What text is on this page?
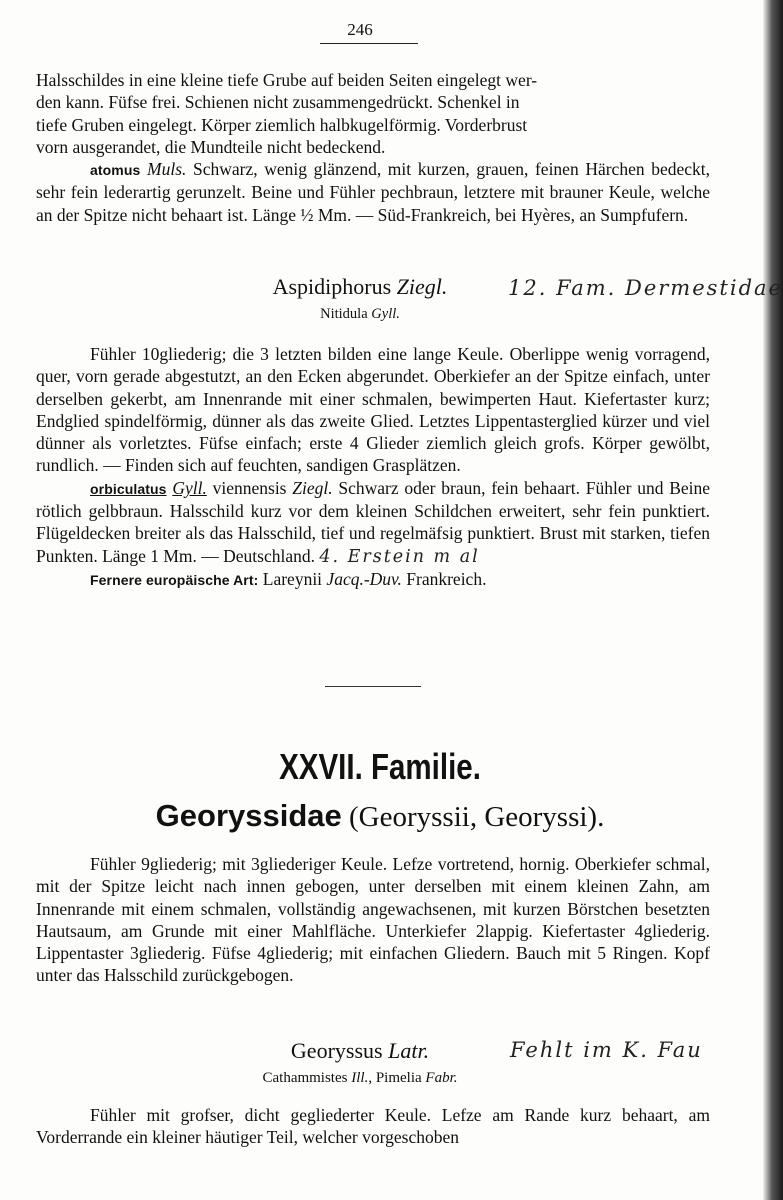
246

Halsschildes in eine kleine tiefe Grube auf beiden Seiten eingelegt wer-

den kann. Füfse frei. Schienen nicht zusammengedrückt. Schenkel in

tiefe Gruben eingelegt. Körper ziemlich halbkugelförmig. Vorderbrust

vorn ausgerandet, die Mundteile nicht bedeckend.

atomus Muls. Schwarz, wenig glänzend, mit kurzen, grauen, feinen Härchen bedeckt, sehr fein lederartig gerunzelt. Beine und Fühler pechbraun, letztere mit brauner Keule, welche an der Spitze nicht behaart ist. Länge ½ Mm. — Süd-Frankreich, bei Hyères, an Sumpfufern.

Aspidiphorus Ziegl.	12. Fam. Dermestidae
Nitidula Gyll.

Fühler 10gliederig; die 3 letzten bilden eine lange Keule. Oberlippe wenig vorragend, quer, vorn gerade abgestutzt, an den Ecken abgerundet. Oberkiefer an der Spitze einfach, unter derselben gekerbt, am Innenrande mit einer schmalen, bewimperten Haut. Kiefertaster kurz; Endglied spindelförmig, dünner als das zweite Glied. Letztes Lippentasterglied kürzer und viel dünner als vorletztes. Füfse einfach; erste 4 Glieder ziemlich gleich grofs. Körper gewölbt, rundlich. — Finden sich auf feuchten, sandigen Grasplätzen.

orbiculatus Gyll. viennensis Ziegl. Schwarz oder braun, fein behaart. Fühler und Beine rötlich gelbbraun. Halsschild kurz vor dem kleinen Schildchen erweitert, sehr fein punktiert. Flügeldecken breiter als das Halsschild, tief und regelmäfsig punktiert. Brust mit starken, tiefen Punkten. Länge 1 Mm. — Deutschland. 4. Erstein m al

Fernere europäische Art: Lareynii Jacq.-Duv. Frankreich.

XXVII. Familie.
Georyssidae (Georyssii, Georyssi).

Fühler 9gliederig; mit 3gliederiger Keule. Lefze vortretend, hornig. Oberkiefer schmal, mit der Spitze leicht nach innen gebogen, unter derselben mit einem kleinen Zahn, am Innenrande mit einem schmalen, vollständig angewachsenen, mit kurzen Börstchen besetzten Hautsaum, am Grunde mit einer Mahlfläche. Unterkiefer 2lappig. Kiefertaster 4gliederig. Lippentaster 3gliederig. Füfse 4gliederig; mit einfachen Gliedern. Bauch mit 5 Ringen. Kopf unter das Halsschild zurückgebogen.

Georyssus Latr.	Fehlt im K. Fau
Cathammistes Ill., Pimelia Fabr.

Fühler mit grofser, dicht gegliederter Keule. Lefze am Rande kurz behaart, am Vorderrande ein kleiner häutiger Teil, welcher vorgeschoben
